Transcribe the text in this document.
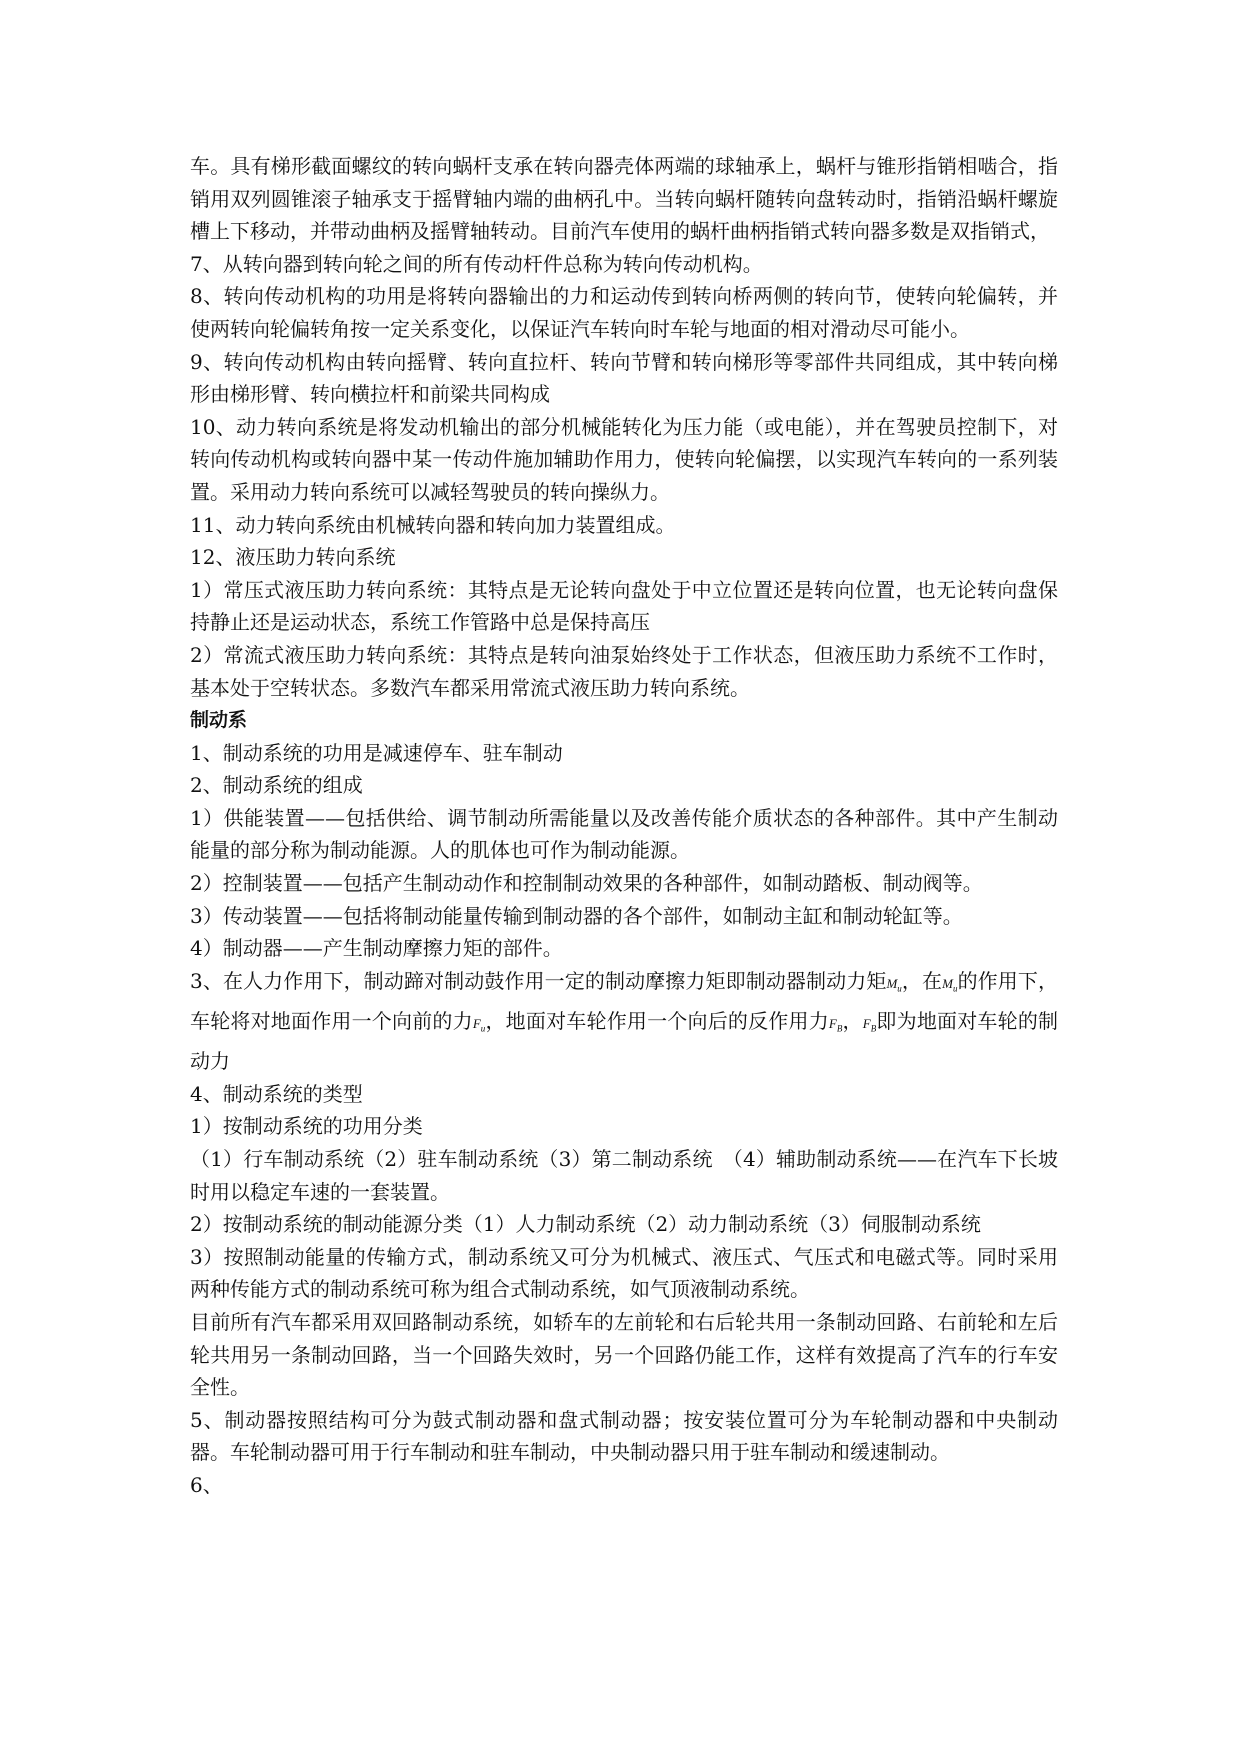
车。具有梯形截面螺纹的转向蜗杆支承在转向器壳体两端的球轴承上，蜗杆与锥形指销相啮合，指销用双列圆锥滚子轴承支于摇臂轴内端的曲柄孔中。当转向蜗杆随转向盘转动时，指销沿蜗杆螺旋槽上下移动，并带动曲柄及摇臂轴转动。目前汽车使用的蜗杆曲柄指销式转向器多数是双指销式，

7、从转向器到转向轮之间的所有传动杆件总称为转向传动机构。

8、转向传动机构的功用是将转向器输出的力和运动传到转向桥两侧的转向节，使转向轮偏转，并使两转向轮偏转角按一定关系变化，以保证汽车转向时车轮与地面的相对滑动尽可能小。

9、转向传动机构由转向摇臂、转向直拉杆、转向节臂和转向梯形等零部件共同组成，其中转向梯形由梯形臂、转向横拉杆和前梁共同构成

10、动力转向系统是将发动机输出的部分机械能转化为压力能（或电能），并在驾驶员控制下，对转向传动机构或转向器中某一传动件施加辅助作用力，使转向轮偏摆，以实现汽车转向的一系列装置。采用动力转向系统可以减轻驾驶员的转向操纵力。

11、动力转向系统由机械转向器和转向加力装置组成。

12、液压助力转向系统

1）常压式液压助力转向系统：其特点是无论转向盘处于中立位置还是转向位置，也无论转向盘保持静止还是运动状态，系统工作管路中总是保持高压

2）常流式液压助力转向系统：其特点是转向油泵始终处于工作状态，但液压助力系统不工作时，基本处于空转状态。多数汽车都采用常流式液压助力转向系统。

制动系

1、制动系统的功用是减速停车、驻车制动

2、制动系统的组成

1）供能装置——包括供给、调节制动所需能量以及改善传能介质状态的各种部件。其中产生制动能量的部分称为制动能源。人的肌体也可作为制动能源。

2）控制装置——包括产生制动动作和控制制动效果的各种部件，如制动踏板、制动阀等。

3）传动装置——包括将制动能量传输到制动器的各个部件，如制动主缸和制动轮缸等。

4）制动器——产生制动摩擦力矩的部件。

3、在人力作用下，制动蹄对制动鼓作用一定的制动摩擦力矩即制动器制动力矩$M_u$，在$M_u$的作用下，车轮将对地面作用一个向前的力$F_u$，地面对车轮作用一个向后的反作用力$F_B$，$F_B$即为地面对车轮的制动力

4、制动系统的类型

1）按制动系统的功用分类

（1）行车制动系统（2）驻车制动系统（3）第二制动系统　（4）辅助制动系统——在汽车下长坡时用以稳定车速的一套装置。

2）按制动系统的制动能源分类（1）人力制动系统（2）动力制动系统（3）伺服制动系统

3）按照制动能量的传输方式，制动系统又可分为机械式、液压式、气压式和电磁式等。同时采用两种传能方式的制动系统可称为组合式制动系统，如气顶液制动系统。

目前所有汽车都采用双回路制动系统，如轿车的左前轮和右后轮共用一条制动回路、右前轮和左后轮共用另一条制动回路，当一个回路失效时，另一个回路仍能工作，这样有效提高了汽车的行车安全性。

5、制动器按照结构可分为鼓式制动器和盘式制动器；按安装位置可分为车轮制动器和中央制动器。车轮制动器可用于行车制动和驻车制动，中央制动器只用于驻车制动和缓速制动。

6、
